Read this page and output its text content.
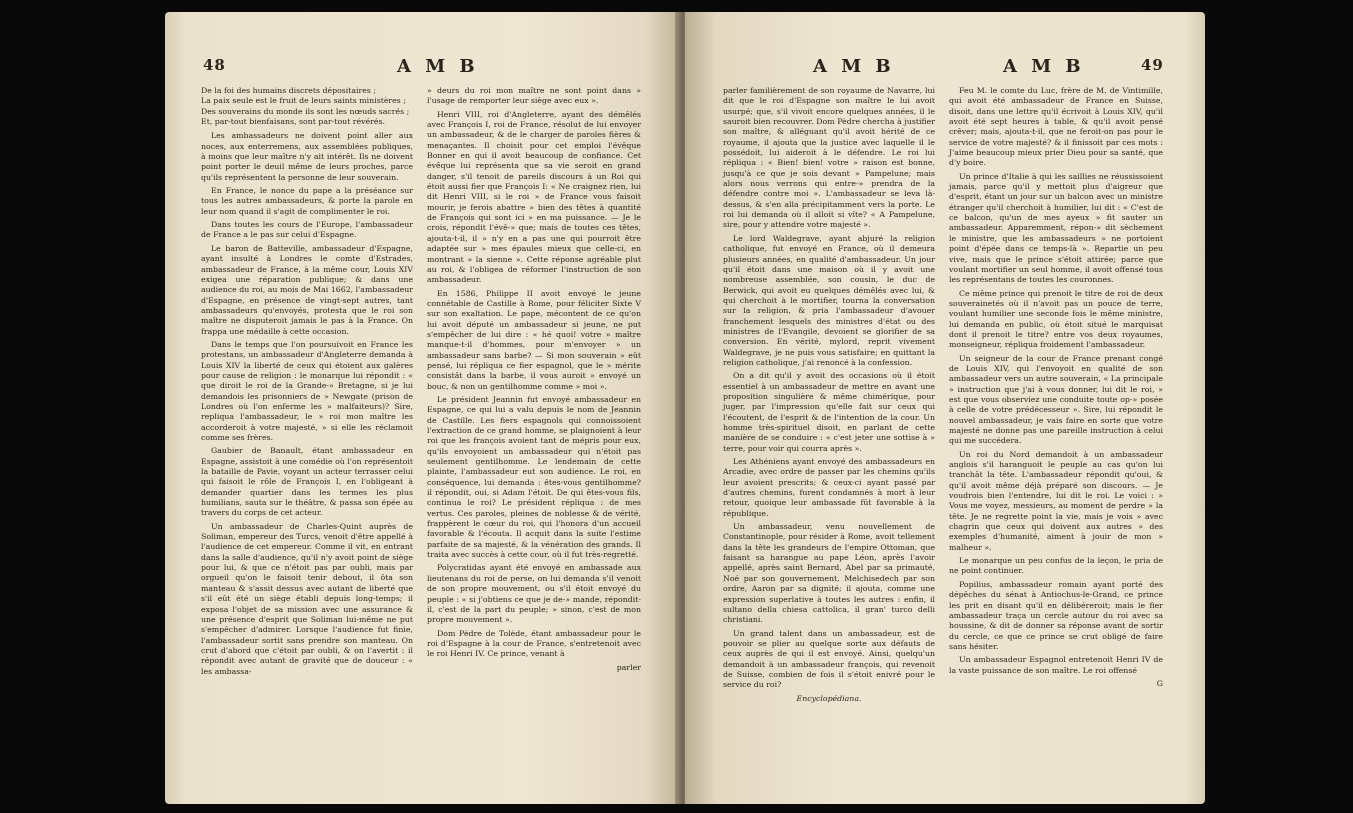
48	A M B

De la foi des humains discrets dépositaires ;

La paix seule est le fruit de leurs saints ministères ;

Des souverains du monde ils sont les nœuds sacrés ;

Et, par-tout bienfaisans, sont par-tout révérés.

Les ambassadeurs ne doivent point aller aux noces, aux enterremens, aux assemblées publiques, à moins que leur maître n'y ait intérêt. Ils ne doivent point porter le deuil même de leurs proches, parce qu'ils représentent la personne de leur souverain.

En France, le nonce du pape a la préséance sur tous les autres ambassadeurs, & porte la parole en leur nom quand il s'agit de complimenter le roi.

Dans toutes les cours de l'Europe, l'ambassadeur de France a le pas sur celui d'Espagne.

Le baron de Batteville, ambassadeur d'Espagne, ayant insulté à Londres le comte d'Estrades, ambassadeur de France, à la même cour, Louis XIV exigea une réparation publique; & dans une audience du roi, au mois de Mai 1662, l'ambassadeur d'Espagne, en présence de vingt-sept autres, tant ambassadeurs qu'envoyés, protesta que le roi son maître ne disputeroit jamais le pas à la France. On frappa une médaille à cette occasion.

Dans le temps que l'on poursuivoit en France les protestans, un ambassadeur d'Angleterre demanda à Louis XIV la liberté de ceux qui étoient aux galères pour cause de religion : le monarque lui répondit : « que diroit le roi de la Grande-» Bretagne, si je lui demandois les prisonniers de » Newgate (prison de Londres où l'on enferme les » malfaiteurs)? Sire, repliqua l'ambassadeur, le » roi mon maître les accorderoit à votre majesté, » si elle les réclamoit comme ses frères.

Gaubier de Banault, étant ambassadeur en Espagne, assistoit à une comédie où l'on représentoit la bataille de Pavie, voyant un acteur terrasser celui qui faisoit le rôle de François I, en l'obligeant à demander quartier dans les termes les plus humilians, sauta sur le théâtre, & passa son épée au travers du corps de cet acteur.

Un ambassadeur de Charles-Quint auprès de Soliman, empereur des Turcs, venoit d'être appellé à l'audience de cet empereur. Comme il vit, en entrant dans la salle d'audience, qu'il n'y avoit point de siège pour lui, & que ce n'étoit pas par oubli, mais par orgueil qu'on le faisoit tenir debout, il ôta son manteau & s'assit dessus avec autant de liberté que s'il eût été un siège établi depuis long-temps; il exposa l'objet de sa mission avec une assurance & une présence d'esprit que Soliman lui-même ne put s'empêcher d'admirer. Lorsque l'audience fut finie, l'ambassadeur sortit sans prendre son manteau. On crut d'abord que c'étoit par oubli, & on l'avertit : il répondit avec autant de gravité que de douceur : « les ambassa-

» deurs du roi mon maître ne sont point dans » l'usage de remporter leur siège avec eux ».

Henri VIII, roi d'Angleterre, ayant des démêlés avec François I, roi de France, résolut de lui envoyer un ambassadeur, & de le charger de paroles fières & menaçantes. Il choisit pour cet emploi l'évêque Bonner en qui il avoit beaucoup de confiance. Cet évêque lui représenta que sa vie seroit en grand danger, s'il tenoit de pareils discours à un Roi qui étoit aussi fier que François I: « Ne craignez rien, lui dit Henri VIII, si le roi » de France vous faisoit mourir, je ferois abattre » bien des têtes à quantité de François qui sont ici » en ma puissance. — Je le crois, répondit l'évê-» que; mais de toutes ces têtes, ajouta-t-il, il » n'y en a pas une qui pourroit être adaptée sur » mes épaules mieux que celle-ci, en montrant » la sienne ». Cette réponse agréable plut au roi, & l'obligea de réformer l'instruction de son ambassadeur.

En 1586, Philippe II avoit envoyé le jeune connétable de Castille à Rome, pour féliciter Sixte V sur son exaltation. Le pape, mécontent de ce qu'on lui avoit député un ambassadeur si jeune, ne put s'empêcher de lui dire : « hé quoi! votre » maître manque-t-il d'hommes, pour m'envoyer » un ambassadeur sans barbe? — Si mon souverain » eût pensé, lui répliqua ce fier espagnol, que le » mérite consistât dans la barbe, il vous auroit » envoyé un bouc, & non un gentilhomme comme » moi ».

Le président Jeannin fut envoyé ambassadeur en Espagne, ce qui lui a valu depuis le nom de Jeannin de Castille. Les fiers espagnols qui connoissoient l'extraction de ce grand homme, se plaignoient à leur roi que les françois avoient tant de mépris pour eux, qu'ils envoyoient un ambassadeur qui n'étoit pas seulement gentilhomme. Le lendemain de cette plainte, l'ambassadeur eut son audience. Le roi, en conséquence, lui demanda : êtes-vous gentilhomme? il répondit, oui, si Adam l'étoit. De qui êtes-vous fils, continua le roi? Le président répliqua : de mes vertus. Ces paroles, pleines de noblesse & de vérité, frappèrent le cœur du roi, qui l'honora d'un accueil favorable & l'écouta. Il acquit dans la suite l'estime parfaite de sa majesté, & la vénération des grands. Il traita avec succès à cette cour, où il fut très-regretté.

Polycratidas ayant été envoyé en ambassade aux lieutenans du roi de perse, on lui demanda s'il venoit de son propre mouvement, ou s'il étoit envoyé du peuple : « si j'obtiens ce que je de-» mande, répondit-il, c'est de la part du peuple; » sinon, c'est de mon propre mouvement ».

Dom Pèdre de Tolède, étant ambassadeur pour le roi d'Espagne à la cour de France, s'entretenoit avec le roi Henri IV. Ce prince, venant à

parler

A M B	A M B	49

parler familièrement de son royaume de Navarre, lui dit que le roi d'Espagne son maître le lui avoit usurpé; que, s'il vivoit encore quelques années, il le sauroit bien recouvrer. Dom Pèdre chercha à justifier son maître, & alléguant qu'il avoit hérité de ce royaume, il ajouta que la justice avec laquelle il le possédoit, lui aideroit à le défendre. Le roi lui répliqua : « Bien! bien! votre » raison est bonne, jusqu'à ce que je sois devant » Pampelune; mais alors nous verrons qui entre-» prendra de la défendre contre moi ». L'ambassadeur se leva là-dessus, & s'en alla précipitamment vers la porte. Le roi lui demanda où il alloit si vîte? « A Pampelune, sire, pour y attendre votre majesté ».

Le lord Waldegrave, ayant abjuré la religion catholique, fut envoyé en France, où il demeura plusieurs années, en qualité d'ambassadeur. Un jour qu'il étoit dans une maison où il y avoit une nombreuse assemblée, son cousin, le duc de Berwick, qui avoit eu quelques démêlés avec lui, & qui cherchoit à le mortifier, tourna la conversation sur la religion, & pria l'ambassadeur d'avouer franchement lesquels des ministres d'état ou des ministres de l'Evangile, devoient se glorifier de sa conversion. En vérité, mylord, reprit vivement Waldegrave, je ne puis vous satisfaire; en quittant la religion catholique, j'ai renoncé à la confession.

On a dit qu'il y avoit des occasions où il étoit essentiel à un ambassadeur de mettre en avant une proposition singulière & même chimérique, pour juger, par l'impression qu'elle fait sur ceux qui l'écoutent, de l'esprit & de l'intention de la cour. Un homme très-spirituel disoit, en parlant de cette manière de se conduire : « c'est jeter une sottise à » terre, pour voir qui courra après ».

Les Athéniens ayant envoyé des ambassadeurs en Arcadie, avec ordre de passer par les chemins qu'ils leur avoient prescrits; & ceux-ci ayant passé par d'autres chemins, furent condamnés à mort à leur retour, quoique leur ambassade fût favorable à la république.

Un ambassadeur, venu nouvellement de Constantinople, pour résider à Rome, avoit tellement dans la tête les grandeurs de l'empire Ottoman, que faisant sa harangue au pape Léon, après l'avoir appellé, après saint Bernard, Abel par sa primauté, Noé par son gouvernement, Melchisedech par son ordre, Aaron par sa dignité; il ajouta, comme une expression superlative à toutes les autres : enfin, il sultano della chiesa cattolica, il gran' turco delli christiani.

Un grand talent dans un ambassadeur, est de pouvoir se plier au quelque sorte aux défauts de ceux auprès de qui il est envoyé. Ainsi, quelqu'un demandoit à un ambassadeur françois, qui revenoit de Suisse, combien de fois il s'étoit enivré pour le service du roi?

Encyclopédiana.

Feu M. le comte du Luc, frère de M. de Vintimille, qui avoit été ambassadeur de France en Suisse, disoit, dans une lettre qu'il écrivoit à Louis XIV, qu'il avoit été sept heures à table, & qu'il avoit pensé crêver; mais, ajouta-t-il, que ne feroit-on pas pour le service de votre majesté? & il finissoit par ces mots : J'aime beaucoup mieux prier Dieu pour sa santé, que d'y boire.

Un prince d'Italie à qui les saillies ne réussissoient jamais, parce qu'il y mettoit plus d'aigreur que d'esprit, étant un jour sur un balcon avec un ministre étranger qu'il cherchoit à humilier, lui dit : « C'est de ce balcon, qu'un de mes ayeux » fit sauter un ambassadeur. Apparemment, répon-» dit sèchement le ministre, que les ambassadeurs » ne portoient point d'épée dans ce temps-là ». Repartie un peu vive, mais que le prince s'étoit attirée; parce que voulant mortifier un seul homme, il avoit offensé tous les représentans de toutes les couronnes.

Ce même prince qui prenoit le titre de roi de deux souverainetés où il n'avoit pas un pouce de terre, voulant humilier une seconde fois le même ministre, lui demanda en public, où étoit situé le marquisat dont il prenoit le titre? entre vos deux royaumes, monseigneur, répliqua froidement l'ambassadeur.

Un seigneur de la cour de France prenant congé de Louis XIV, qui l'envoyoit en qualité de son ambassadeur vers un autre souverain, « La principale » instruction que j'ai à vous donner, lui dit le roi, » est que vous observiez une conduite toute op-» posée à celle de votre prédécesseur ». Sire, lui répondit le nouvel ambassadeur, je vais faire en sorte que votre majesté ne donne pas une pareille instruction à celui qui me succédera.

Un roi du Nord demandoit à un ambassadeur anglois s'il haranguoit le peuple au cas qu'on lui tranchât la tête. L'ambassadeur répondit qu'oui, & qu'il avoit même déjà préparé son discours. — Je voudrois bien l'entendre, lui dit le roi. Le voici : » Vous me voyez, messieurs, au moment de perdre » la tête. Je ne regrette point la vie, mais je vois » avec chagrin que ceux qui doivent aux autres » des exemples d'humanité, aiment à jouir de mon » malheur ».

Le monarque un peu confus de la leçon, le pria de ne point continuer.

Popilius, ambassadeur romain ayant porté des dépêches du sénat à Antiochus-le-Grand, ce prince les prit en disant qu'il en délibéreroit; mais le fier ambassadeur traça un cercle autour du roi avec sa houssine, & dit de donner sa réponse avant de sortir du cercle, ce que ce prince se crut obligé de faire sans hésiter.

Un ambassadeur Espagnol entretenoit Henri IV de la vaste puissance de son maître. Le roi offensé

G
